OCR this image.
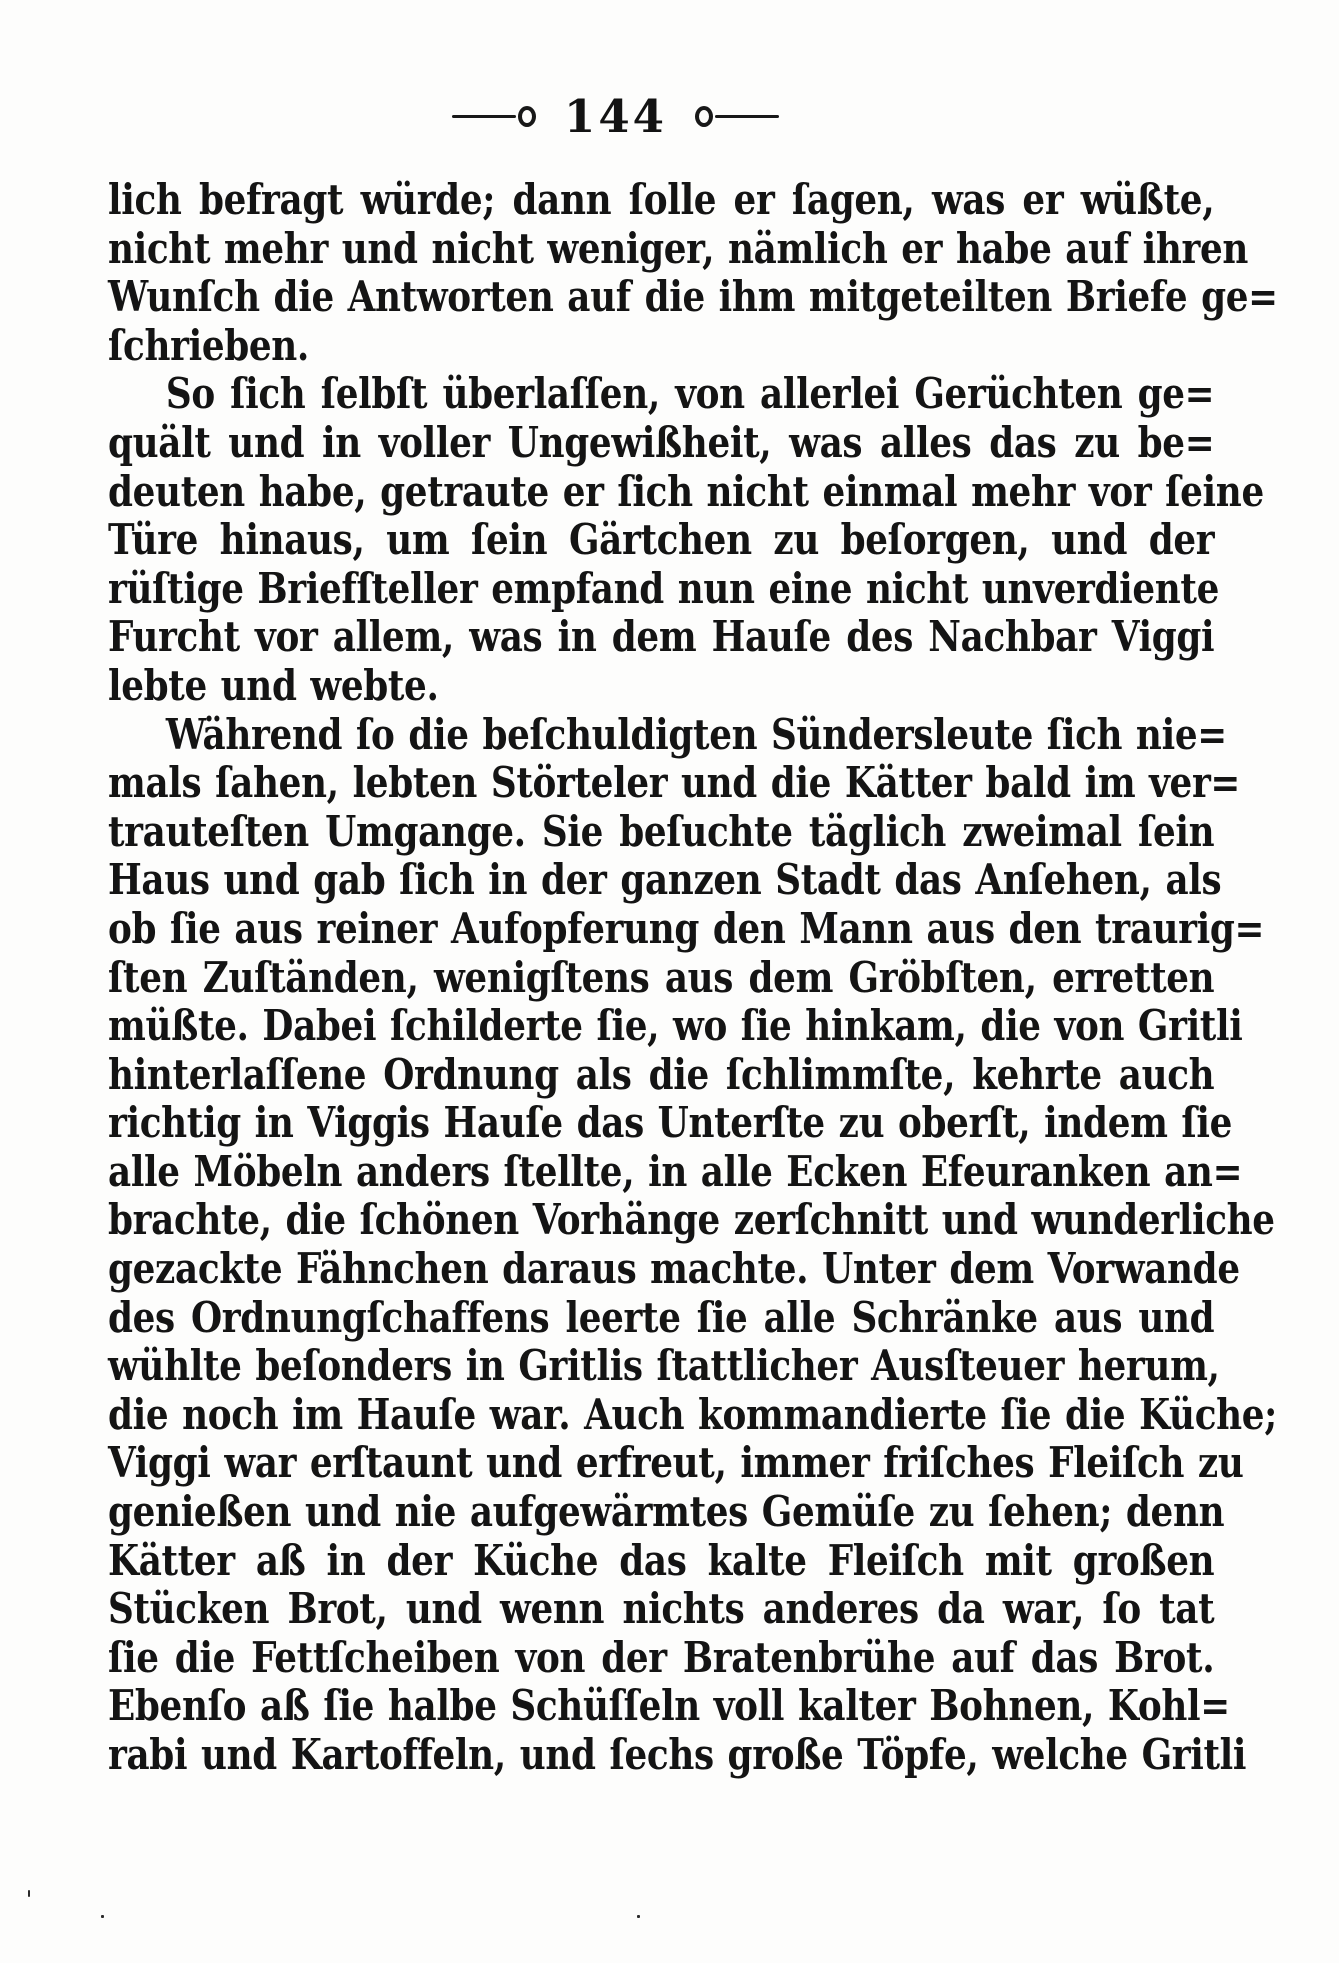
144
lich befragt würde; dann ſolle er ſagen, was er wüßte,
nicht mehr und nicht weniger, nämlich er habe auf ihren
Wunſch die Antworten auf die ihm mitgeteilten Briefe ge=
ſchrieben.
So ſich ſelbſt überlaſſen, von allerlei Gerüchten ge=
quält und in voller Ungewißheit, was alles das zu be=
deuten habe, getraute er ſich nicht einmal mehr vor ſeine
Türe hinaus, um ſein Gärtchen zu beſorgen, und der
rüſtige Briefſteller empfand nun eine nicht unverdiente
Furcht vor allem, was in dem Hauſe des Nachbar Viggi
lebte und webte.
Während ſo die beſchuldigten Sündersleute ſich nie=
mals ſahen, lebten Störteler und die Kätter bald im ver=
trauteſten Umgange. Sie beſuchte täglich zweimal ſein
Haus und gab ſich in der ganzen Stadt das Anſehen, als
ob ſie aus reiner Aufopferung den Mann aus den traurig=
ſten Zuſtänden, wenigſtens aus dem Gröbſten, erretten
müßte. Dabei ſchilderte ſie, wo ſie hinkam, die von Gritli
hinterlaſſene Ordnung als die ſchlimmſte, kehrte auch
richtig in Viggis Hauſe das Unterſte zu oberſt, indem ſie
alle Möbeln anders ſtellte, in alle Ecken Efeuranken an=
brachte, die ſchönen Vorhänge zerſchnitt und wunderliche
gezackte Fähnchen daraus machte. Unter dem Vorwande
des Ordnungſchaffens leerte ſie alle Schränke aus und
wühlte beſonders in Gritlis ſtattlicher Ausſteuer herum,
die noch im Hauſe war. Auch kommandierte ſie die Küche;
Viggi war erſtaunt und erfreut, immer friſches Fleiſch zu
genießen und nie aufgewärmtes Gemüſe zu ſehen; denn
Kätter aß in der Küche das kalte Fleiſch mit großen
Stücken Brot, und wenn nichts anderes da war, ſo tat
ſie die Fettſcheiben von der Bratenbrühe auf das Brot.
Ebenſo aß ſie halbe Schüſſeln voll kalter Bohnen, Kohl=
rabi und Kartoffeln, und ſechs große Töpfe, welche Gritli
